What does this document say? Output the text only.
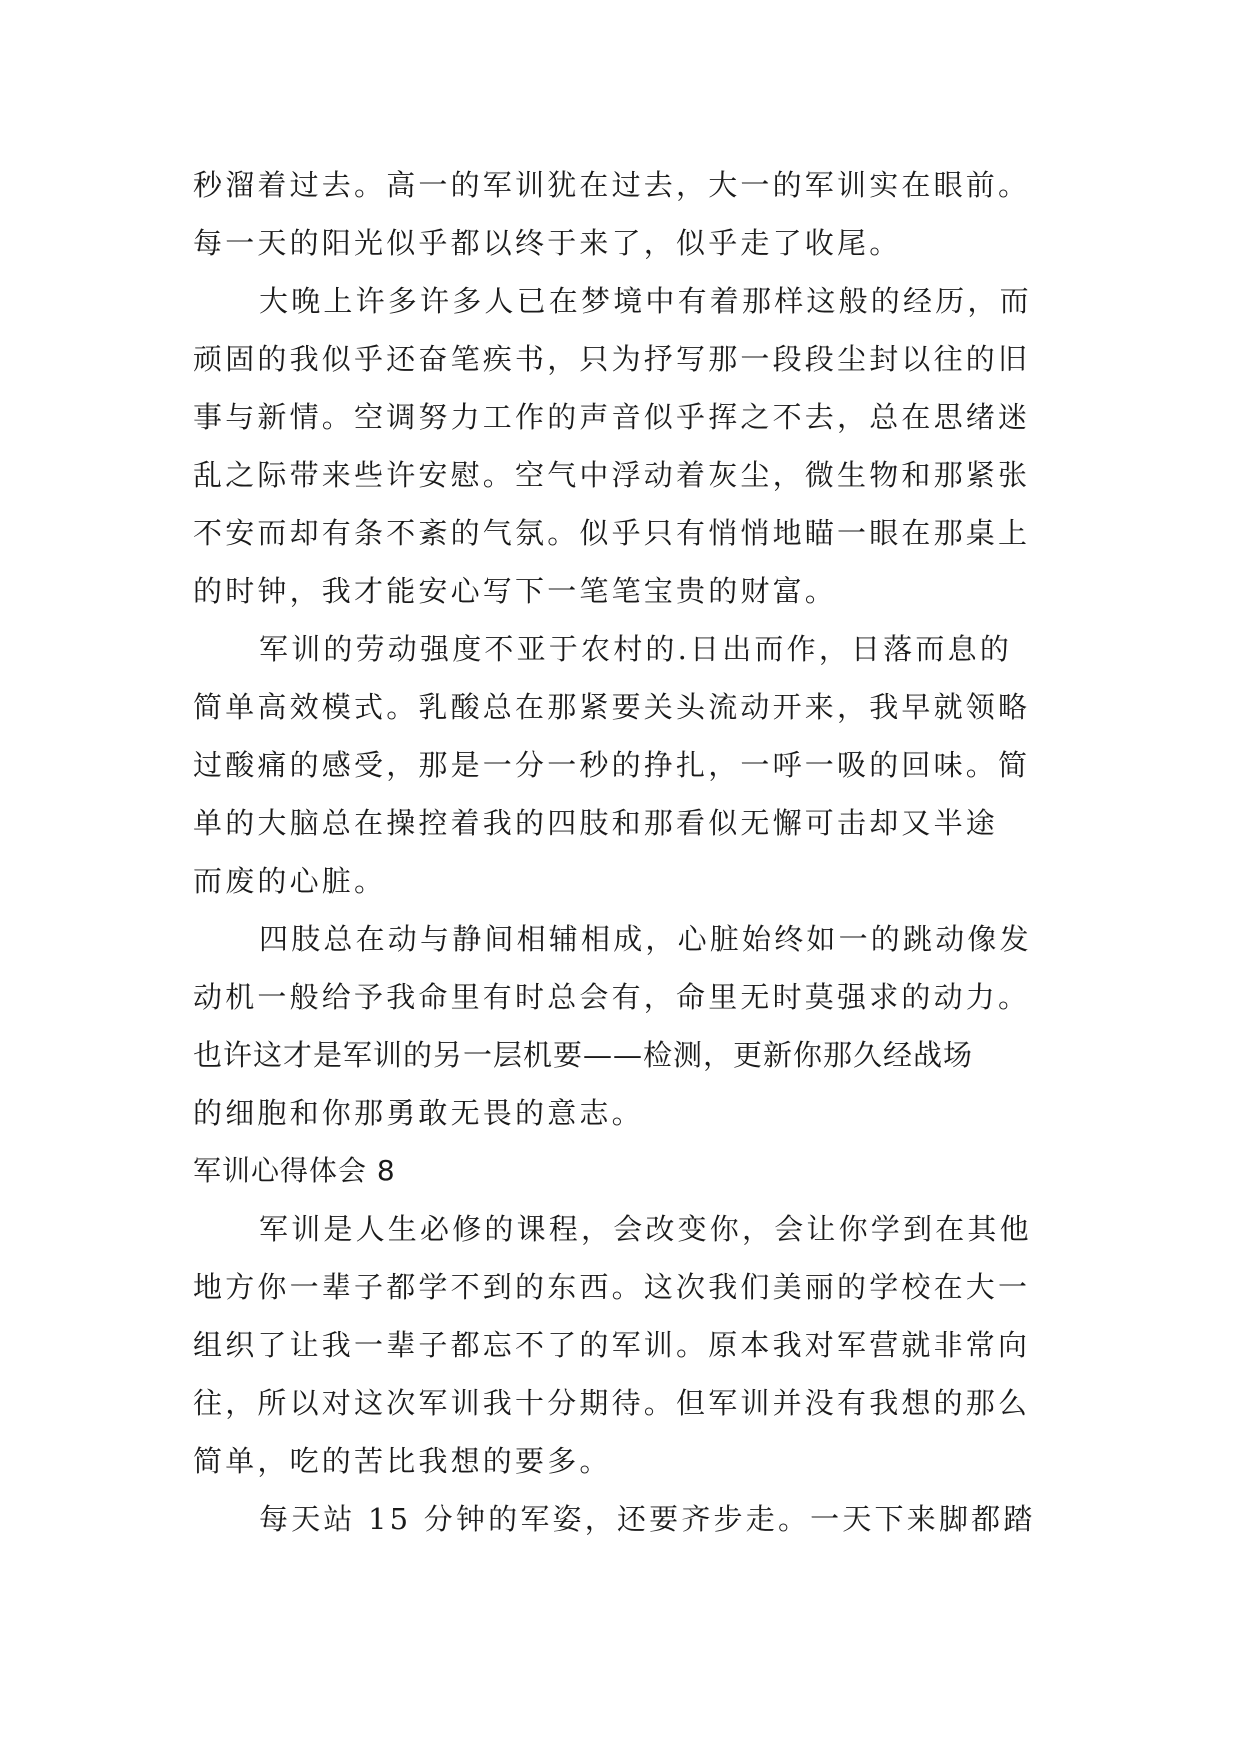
秒溜着过去。高一的军训犹在过去，大一的军训实在眼前。
每一天的阳光似乎都以终于来了，似乎走了收尾。
大晚上许多许多人已在梦境中有着那样这般的经历，而
顽固的我似乎还奋笔疾书，只为抒写那一段段尘封以往的旧
事与新情。空调努力工作的声音似乎挥之不去，总在思绪迷
乱之际带来些许安慰。空气中浮动着灰尘，微生物和那紧张
不安而却有条不紊的气氛。似乎只有悄悄地瞄一眼在那桌上
的时钟，我才能安心写下一笔笔宝贵的财富。
军训的劳动强度不亚于农村的.日出而作，日落而息的
简单高效模式。乳酸总在那紧要关头流动开来，我早就领略
过酸痛的感受，那是一分一秒的挣扎，一呼一吸的回味。简
单的大脑总在操控着我的四肢和那看似无懈可击却又半途
而废的心脏。
四肢总在动与静间相辅相成，心脏始终如一的跳动像发
动机一般给予我命里有时总会有，命里无时莫强求的动力。
也许这才是军训的另一层机要——检测，更新你那久经战场
的细胞和你那勇敢无畏的意志。
军训心得体会 8
军训是人生必修的课程，会改变你，会让你学到在其他
地方你一辈子都学不到的东西。这次我们美丽的学校在大一
组织了让我一辈子都忘不了的军训。原本我对军营就非常向
往，所以对这次军训我十分期待。但军训并没有我想的那么
简单，吃的苦比我想的要多。
每天站 15 分钟的军姿，还要齐步走。一天下来脚都踏
